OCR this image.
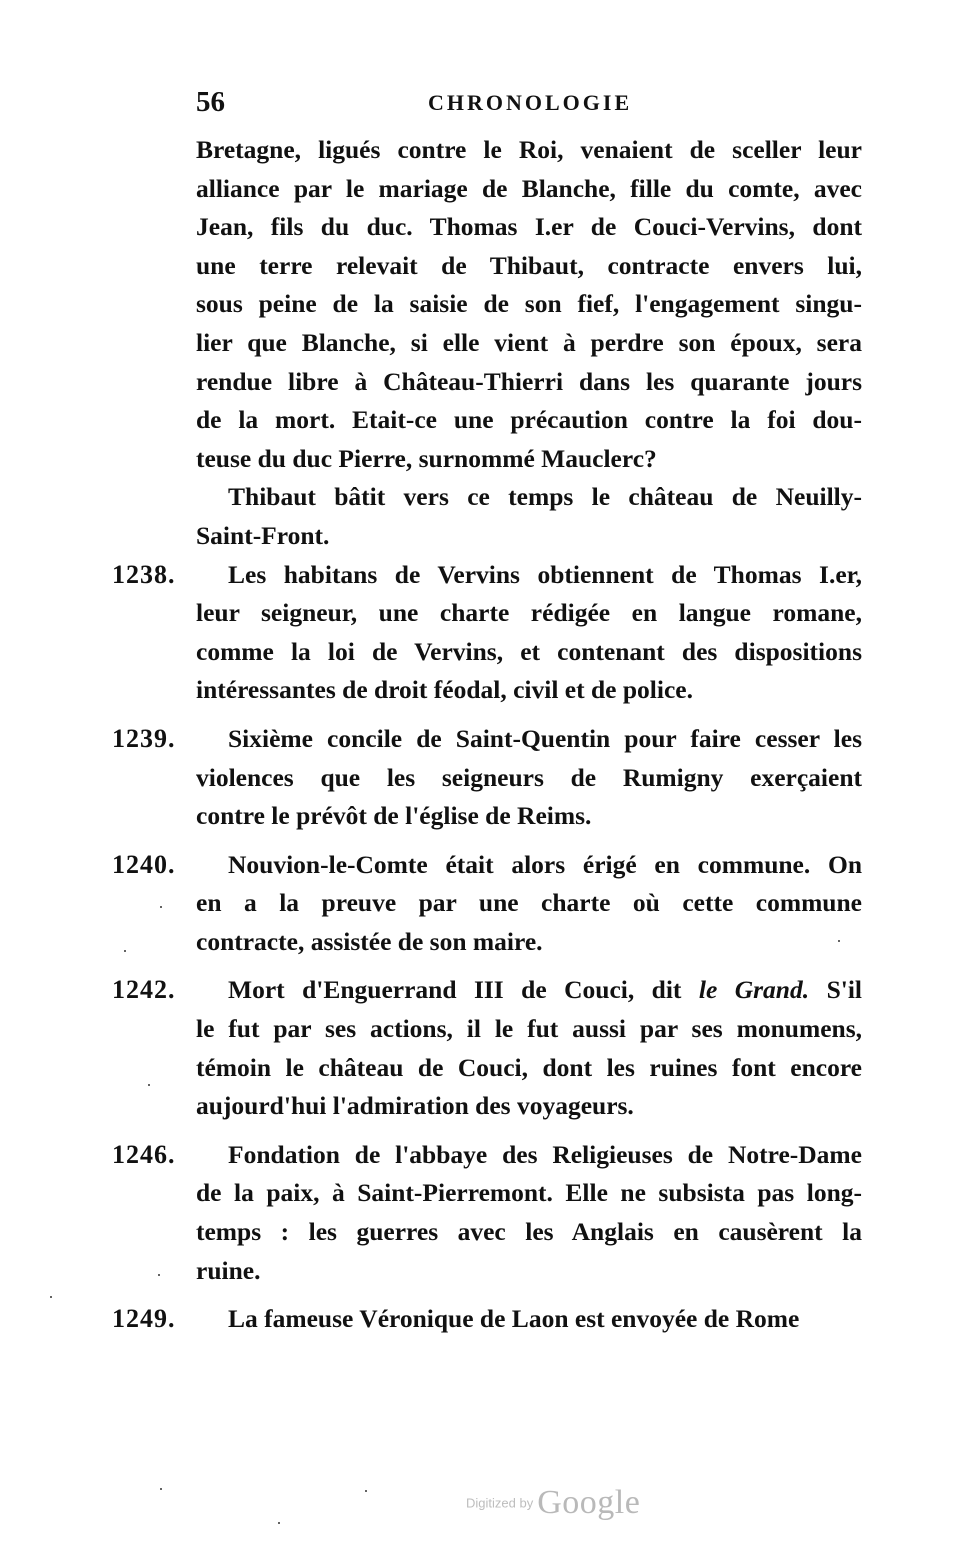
56	CHRONOLOGIE
Bretagne, ligués contre le Roi, venaient de sceller leur
alliance par le mariage de Blanche, fille du comte, avec
Jean, fils du duc. Thomas I.er de Couci-Vervins, dont
une terre relevait de Thibaut, contracte envers lui,
sous peine de la saisie de son fief, l'engagement singu-
lier que Blanche, si elle vient à perdre son époux, sera
rendue libre à Château-Thierri dans les quarante jours
de la mort. Etait-ce une précaution contre la foi dou-
teuse du duc Pierre, surnommé Mauclerc?
Thibaut bâtit vers ce temps le château de Neuilly-
Saint-Front.
1238.	Les habitans de Vervins obtiennent de Thomas I.er,
leur seigneur, une charte rédigée en langue romane,
comme la loi de Vervins, et contenant des dispositions
intéressantes de droit féodal, civil et de police.
1239.	Sixième concile de Saint-Quentin pour faire cesser les
violences que les seigneurs de Rumigny exerçaient
contre le prévôt de l'église de Reims.
1240.	Nouvion-le-Comte était alors érigé en commune. On
en a la preuve par une charte où cette commune
contracte, assistée de son maire.
1242.	Mort d'Enguerrand III de Couci, dit le Grand. S'il
le fut par ses actions, il le fut aussi par ses monumens,
témoin le château de Couci, dont les ruines font encore
aujourd'hui l'admiration des voyageurs.
1246.	Fondation de l'abbaye des Religieuses de Notre-Dame
de la paix, à Saint-Pierremont. Elle ne subsista pas long-
temps : les guerres avec les Anglais en causèrent la
ruine.
1249.	La fameuse Véronique de Laon est envoyée de Rome
Digitized by Google
